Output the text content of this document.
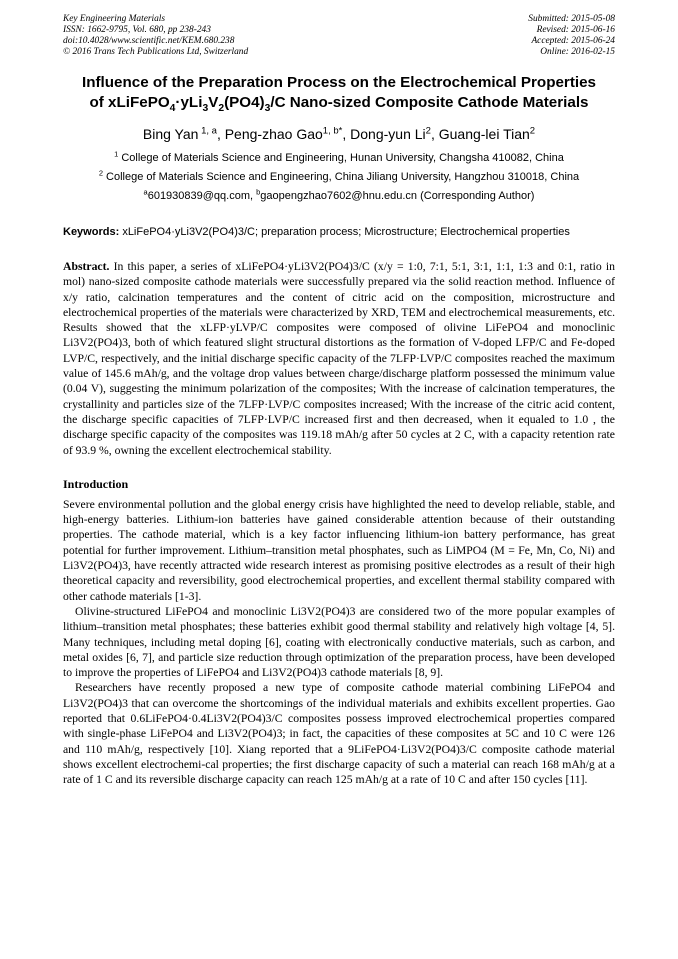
Key Engineering Materials
ISSN: 1662-9795, Vol. 680, pp 238-243
doi:10.4028/www.scientific.net/KEM.680.238
© 2016 Trans Tech Publications Ltd, Switzerland
Submitted: 2015-05-08
Revised: 2015-06-16
Accepted: 2015-06-24
Online: 2016-02-15
Influence of the Preparation Process on the Electrochemical Properties
of $xLiFePO_4\cdot yLi_3V_2(PO4)_3/C$ Nano-sized Composite Cathode Materials
Bing Yan $^{1, a}$, Peng-zhao Gao$^{1, b*}$, Dong-yun Li$^2$, Guang-lei Tian$^2$
$^1$ College of Materials Science and Engineering, Hunan University, Changsha 410082, China
$^2$ College of Materials Science and Engineering, China Jiliang University, Hangzhou 310018, China
$^a$601930839@qq.com, $^b$gaopengzhao7602@hnu.edu.cn (Corresponding Author)
Keywords: xLiFePO4·yLi3V2(PO4)3/C; preparation process; Microstructure; Electrochemical properties
Abstract. In this paper, a series of xLiFePO4·yLi3V2(PO4)3/C (x/y = 1:0, 7:1, 5:1, 3:1, 1:1, 1:3 and 0:1, ratio in mol) nano-sized composite cathode materials were successfully prepared via the solid reaction method. Influence of x/y ratio, calcination temperatures and the content of citric acid on the composition, microstructure and electrochemical properties of the materials were characterized by XRD, TEM and electrochemical measurements, etc. Results showed that the xLFP·yLVP/C composites were composed of olivine LiFePO4 and monoclinic Li3V2(PO4)3, both of which featured slight structural distortions as the formation of V-doped LFP/C and Fe-doped LVP/C, respectively, and the initial discharge specific capacity of the 7LFP·LVP/C composites reached the maximum value of 145.6 mAh/g, and the voltage drop values between charge/discharge platform possessed the minimum value (0.04 V), suggesting the minimum polarization of the composites; With the increase of calcination temperatures, the crystallinity and particles size of the 7LFP·LVP/C composites increased; With the increase of the citric acid content, the discharge specific capacities of 7LFP·LVP/C increased first and then decreased, when it equaled to 1.0 , the discharge specific capacity of the composites was 119.18 mAh/g after 50 cycles at 2 C, with a capacity retention rate of 93.9 %, owning the excellent electrochemical stability.
Introduction

Severe environmental pollution and the global energy crisis have highlighted the need to develop reliable, stable, and high-energy batteries. Lithium-ion batteries have gained considerable attention because of their outstanding properties. The cathode material, which is a key factor influencing lithium-ion battery performance, has great potential for further improvement. Lithium–transition metal phosphates, such as LiMPO4 (M = Fe, Mn, Co, Ni) and Li3V2(PO4)3, have recently attracted wide research interest as promising positive electrodes as a result of their high theoretical capacity and reversibility, good electrochemical properties, and excellent thermal stability compared with other cathode materials [1-3].

Olivine-structured LiFePO4 and monoclinic Li3V2(PO4)3 are considered two of the more popular examples of lithium–transition metal phosphates; these batteries exhibit good thermal stability and relatively high voltage [4, 5]. Many techniques, including metal doping [6], coating with electronically conductive materials, such as carbon, and metal oxides [6, 7], and particle size reduction through optimization of the preparation process, have been developed to improve the properties of LiFePO4 and Li3V2(PO4)3 cathode materials [8, 9].

Researchers have recently proposed a new type of composite cathode material combining LiFePO4 and Li3V2(PO4)3 that can overcome the shortcomings of the individual materials and exhibits excellent properties. Gao reported that 0.6LiFePO4·0.4Li3V2(PO4)3/C composites possess improved electrochemical properties compared with single-phase LiFePO4 and Li3V2(PO4)3; in fact, the capacities of these composites at 5C and 10 C were 126 and 110 mAh/g, respectively [10]. Xiang reported that a 9LiFePO4·Li3V2(PO4)3/C composite cathode material shows excellent electrochemi-cal properties; the first discharge capacity of such a material can reach 168 mAh/g at a rate of 1 C and its reversible discharge capacity can reach 125 mAh/g at a rate of 10 C and after 150 cycles [11].
